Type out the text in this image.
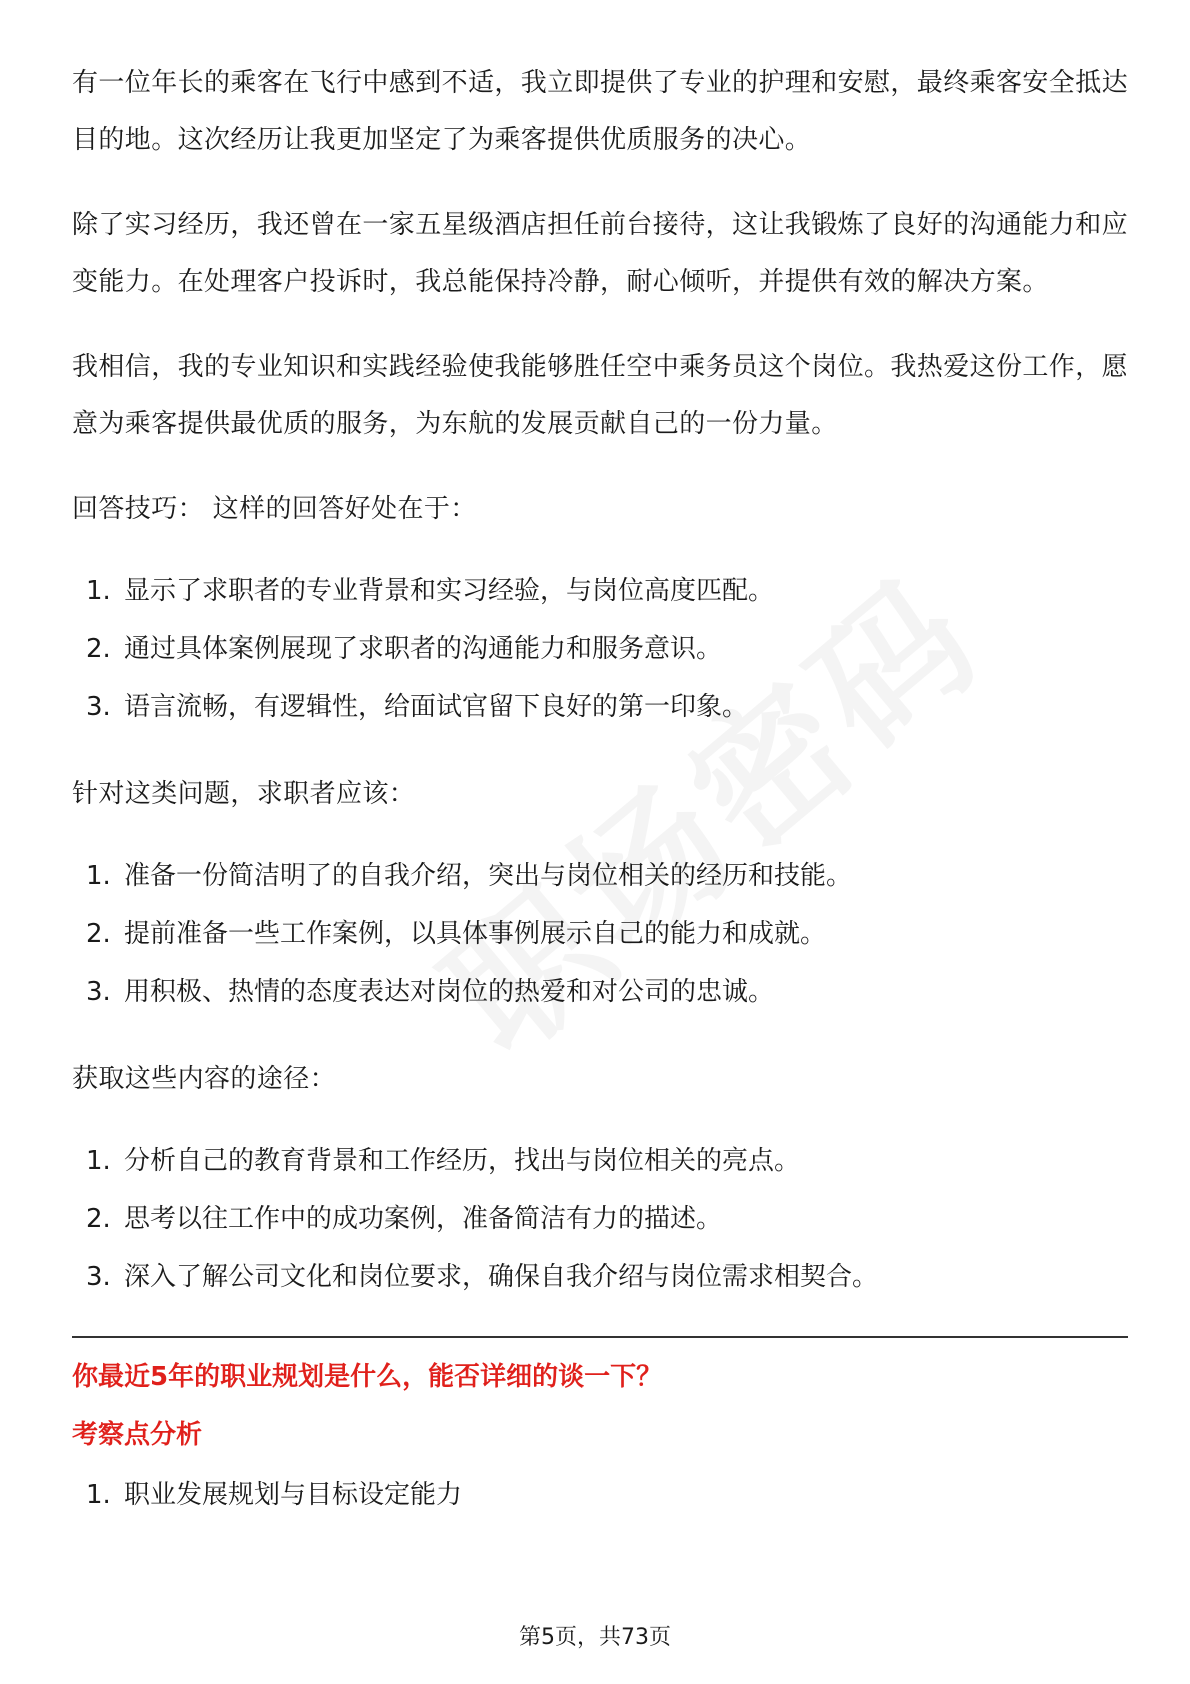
有一位年长的乘客在飞行中感到不适，我立即提供了专业的护理和安慰，最终乘客安全抵达目的地。这次经历让我更加坚定了为乘客提供优质服务的决心。

除了实习经历，我还曾在一家五星级酒店担任前台接待，这让我锻炼了良好的沟通能力和应变能力。在处理客户投诉时，我总能保持冷静，耐心倾听，并提供有效的解决方案。

我相信，我的专业知识和实践经验使我能够胜任空中乘务员这个岗位。我热爱这份工作，愿意为乘客提供最优质的服务，为东航的发展贡献自己的一份力量。

回答技巧： 这样的回答好处在于：

1. 显示了求职者的专业背景和实习经验，与岗位高度匹配。
2. 通过具体案例展现了求职者的沟通能力和服务意识。
3. 语言流畅，有逻辑性，给面试官留下良好的第一印象。

针对这类问题，求职者应该：

1. 准备一份简洁明了的自我介绍，突出与岗位相关的经历和技能。
2. 提前准备一些工作案例，以具体事例展示自己的能力和成就。
3. 用积极、热情的态度表达对岗位的热爱和对公司的忠诚。

获取这些内容的途径：

1. 分析自己的教育背景和工作经历，找出与岗位相关的亮点。
2. 思考以往工作中的成功案例，准备简洁有力的描述。
3. 深入了解公司文化和岗位要求，确保自我介绍与岗位需求相契合。

你最近5年的职业规划是什么，能否详细的谈一下？

考察点分析

1. 职业发展规划与目标设定能力
第5页，共73页
